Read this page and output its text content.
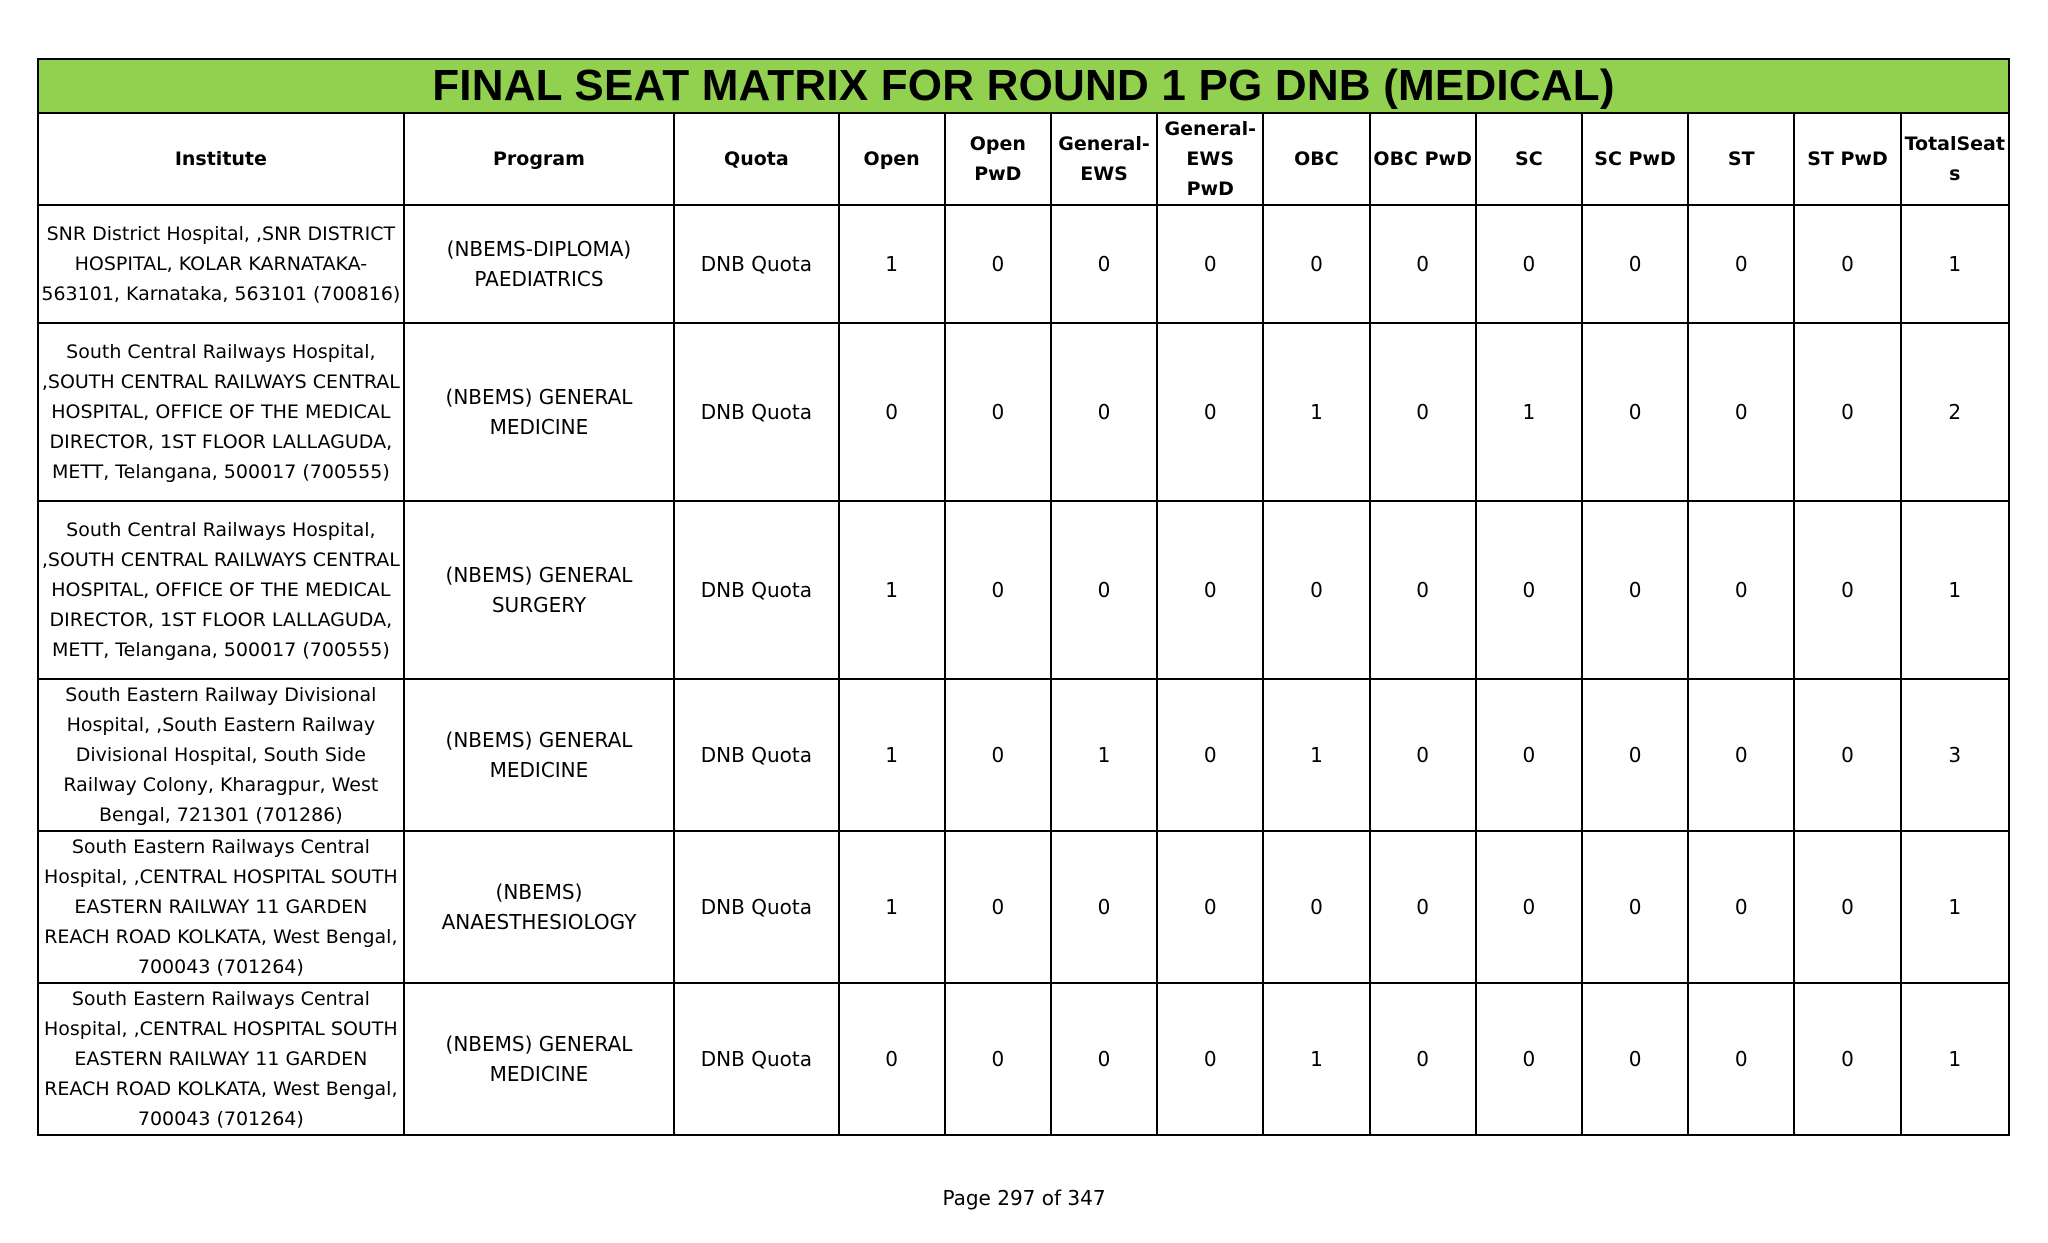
FINAL SEAT MATRIX FOR ROUND 1 PG DNB (MEDICAL)													
Institute	Program	Quota	Open	Open PwD	General-EWS	General-EWS PwD	OBC	OBC PwD	SC	SC PwD	ST	ST PwD	TotalSeats
SNR District Hospital, ,SNR DISTRICT HOSPITAL, KOLAR KARNATAKA-563101, Karnataka, 563101 (700816)	(NBEMS-DIPLOMA) PAEDIATRICS	DNB Quota	1	0	0	0	0	0	0	0	0	0	1
South Central Railways Hospital, ,SOUTH CENTRAL RAILWAYS CENTRAL HOSPITAL, OFFICE OF THE MEDICAL DIRECTOR, 1ST FLOOR LALLAGUDA, METT, Telangana, 500017 (700555)	(NBEMS) GENERAL MEDICINE	DNB Quota	0	0	0	0	1	0	1	0	0	0	2
South Central Railways Hospital, ,SOUTH CENTRAL RAILWAYS CENTRAL HOSPITAL, OFFICE OF THE MEDICAL DIRECTOR, 1ST FLOOR LALLAGUDA, METT, Telangana, 500017 (700555)	(NBEMS) GENERAL SURGERY	DNB Quota	1	0	0	0	0	0	0	0	0	0	1
South Eastern Railway Divisional Hospital, ,South Eastern Railway Divisional Hospital, South Side Railway Colony, Kharagpur, West Bengal, 721301 (701286)	(NBEMS) GENERAL MEDICINE	DNB Quota	1	0	1	0	1	0	0	0	0	0	3
South Eastern Railways Central Hospital, ,CENTRAL HOSPITAL SOUTH EASTERN RAILWAY 11 GARDEN REACH ROAD KOLKATA, West Bengal, 700043 (701264)	(NBEMS) ANAESTHESIOLOGY	DNB Quota	1	0	0	0	0	0	0	0	0	0	1
South Eastern Railways Central Hospital, ,CENTRAL HOSPITAL SOUTH EASTERN RAILWAY 11 GARDEN REACH ROAD KOLKATA, West Bengal, 700043 (701264)	(NBEMS) GENERAL MEDICINE	DNB Quota	0	0	0	0	1	0	0	0	0	0	1
Page 297 of 347
